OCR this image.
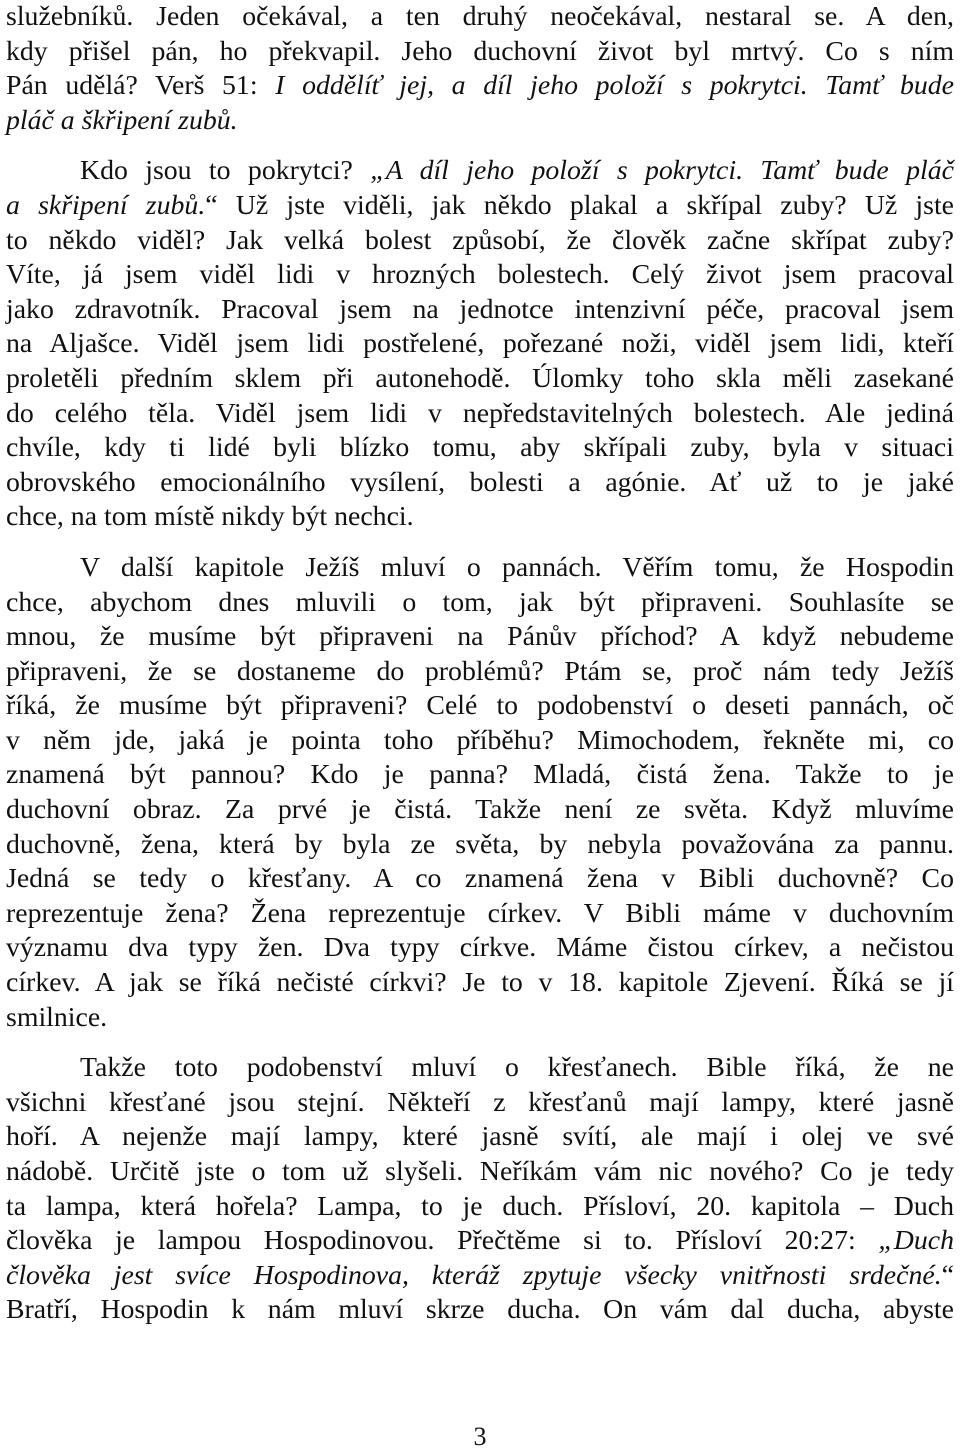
služebníků. Jeden očekával, a ten druhý neočekával, nestaral se. A den,
kdy přišel pán, ho překvapil. Jeho duchovní život byl mrtvý. Co s ním
Pán udělá? Verš 51: I oddělíť jej, a díl jeho položí s pokrytci. Tamť bude
pláč a škřipení zubů.
Kdo jsou to pokrytci? „A díl jeho položí s pokrytci. Tamť bude pláč
a skřipení zubů.“ Už jste viděli, jak někdo plakal a skřípal zuby? Už jste
to někdo viděl? Jak velká bolest způsobí, že člověk začne skřípat zuby?
Víte, já jsem viděl lidi v hrozných bolestech. Celý život jsem pracoval
jako zdravotník. Pracoval jsem na jednotce intenzivní péče, pracoval jsem
na Aljašce. Viděl jsem lidi postřelené, pořezané noži, viděl jsem lidi, kteří
proletěli předním sklem při autonehodě. Úlomky toho skla měli zasekané
do celého těla. Viděl jsem lidi v nepředstavitelných bolestech. Ale jediná
chvíle, kdy ti lidé byli blízko tomu, aby skřípali zuby, byla v situaci
obrovského emocionálního vysílení, bolesti a agónie. Ať už to je jaké
chce, na tom místě nikdy být nechci.
V další kapitole Ježíš mluví o pannách. Věřím tomu, že Hospodin
chce, abychom dnes mluvili o tom, jak být připraveni. Souhlasíte se
mnou, že musíme být připraveni na Pánův příchod? A když nebudeme
připraveni, že se dostaneme do problémů? Ptám se, proč nám tedy Ježíš
říká, že musíme být připraveni? Celé to podobenství o deseti pannách, oč
v něm jde, jaká je pointa toho příběhu? Mimochodem, řekněte mi, co
znamená být pannou? Kdo je panna? Mladá, čistá žena. Takže to je
duchovní obraz. Za prvé je čistá. Takže není ze světa. Když mluvíme
duchovně, žena, která by byla ze světa, by nebyla považována za pannu.
Jedná se tedy o křesťany. A co znamená žena v Bibli duchovně? Co
reprezentuje žena? Žena reprezentuje církev. V Bibli máme v duchovním
významu dva typy žen. Dva typy církve. Máme čistou církev, a nečistou
církev. A jak se říká nečisté církvi? Je to v 18. kapitole Zjevení. Říká se jí
smilnice.
Takže toto podobenství mluví o křesťanech. Bible říká, že ne
všichni křesťané jsou stejní. Někteří z křesťanů mají lampy, které jasně
hoří. A nejenže mají lampy, které jasně svítí, ale mají i olej ve své
nádobě. Určitě jste o tom už slyšeli. Neříkám vám nic nového? Co je tedy
ta lampa, která hořela? Lampa, to je duch. Přísloví, 20. kapitola – Duch
člověka je lampou Hospodinovou. Přečtěme si to. Přísloví 20:27: „Duch
člověka jest svíce Hospodinova, kteráž zpytuje všecky vnitřnosti srdečné.“
Bratří, Hospodin k nám mluví skrze ducha. On vám dal ducha, abyste
3
